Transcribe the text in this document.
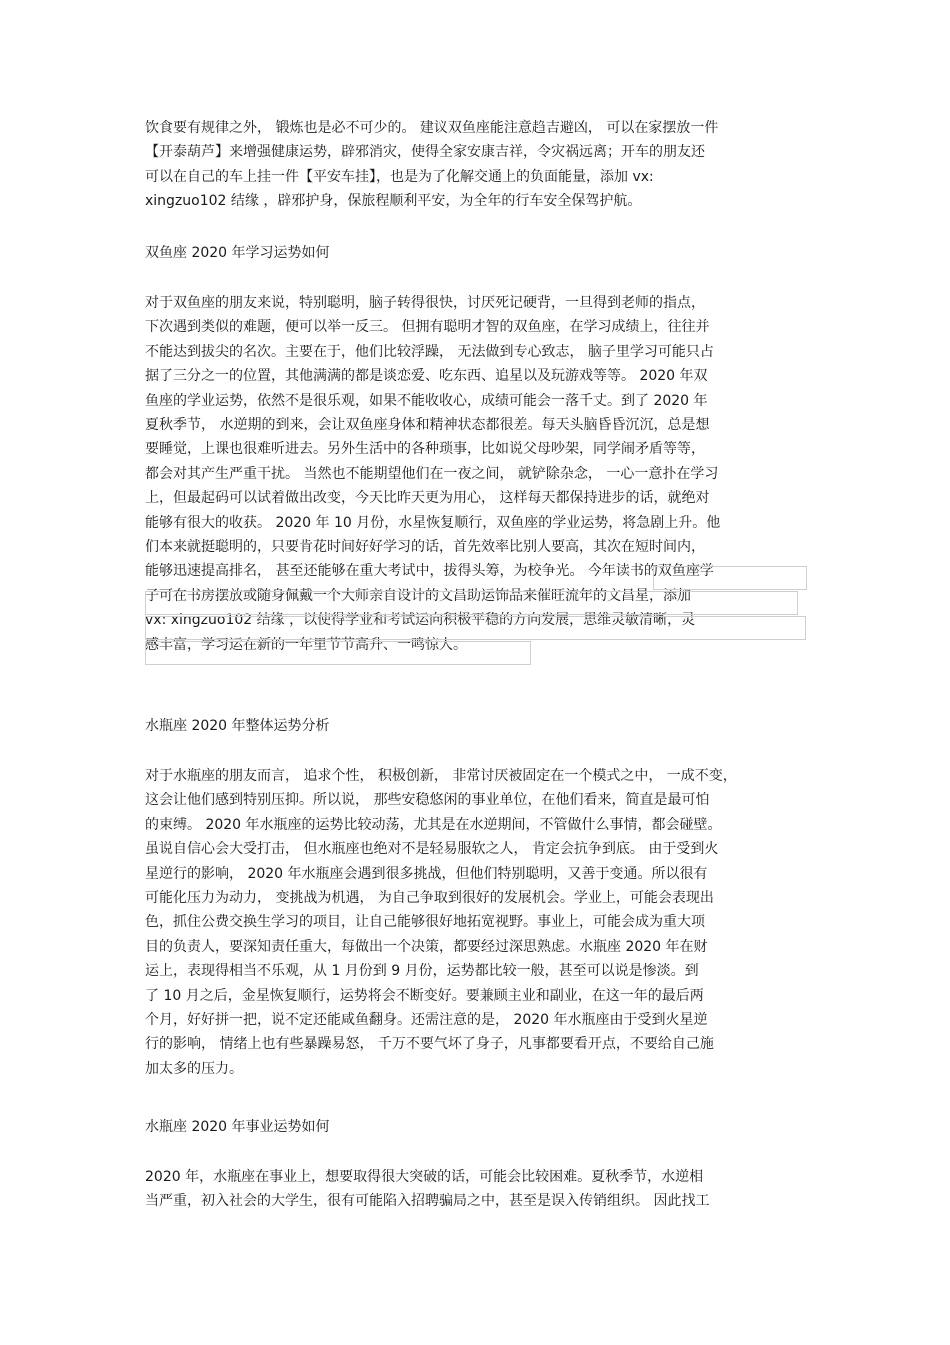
饮食要有规律之外， 锻炼也是必不可少的。 建议双鱼座能注意趋吉避凶， 可以在家摆放一件
【开泰葫芦】来增强健康运势，辟邪消灾，使得全家安康吉祥，令灾祸远离；开车的朋友还
可以在自己的车上挂一件【平安车挂】，也是为了化解交通上的负面能量，添加 vx:
xingzuo102 结缘 ，辟邪护身，保旅程顺利平安，为全年的行车安全保驾护航。
双鱼座 2020 年学习运势如何
对于双鱼座的朋友来说，特别聪明，脑子转得很快，讨厌死记硬背，一旦得到老师的指点，
下次遇到类似的难题，便可以举一反三。 但拥有聪明才智的双鱼座，在学习成绩上，往往并
不能达到拔尖的名次。主要在于，他们比较浮躁， 无法做到专心致志， 脑子里学习可能只占
据了三分之一的位置，其他满满的都是谈恋爱、吃东西、追星以及玩游戏等等。 2020 年双
鱼座的学业运势，依然不是很乐观，如果不能收收心，成绩可能会一落千丈。到了 2020 年
夏秋季节， 水逆期的到来，会让双鱼座身体和精神状态都很差。每天头脑昏昏沉沉，总是想
要睡觉，上课也很难听进去。另外生活中的各种琐事，比如说父母吵架，同学闹矛盾等等，
都会对其产生严重干扰。 当然也不能期望他们在一夜之间， 就铲除杂念， 一心一意扑在学习
上，但最起码可以试着做出改变，今天比昨天更为用心， 这样每天都保持进步的话，就绝对
能够有很大的收获。 2020 年 10 月份，水星恢复顺行，双鱼座的学业运势，将急剧上升。他
们本来就挺聪明的，只要肯花时间好好学习的话，首先效率比别人要高，其次在短时间内，
能够迅速提高排名， 甚至还能够在重大考试中，拔得头筹，为校争光。 今年读书的双鱼座学
子可在书房摆放或随身佩戴一个大师亲自设计的文昌助运饰品来催旺流年的文昌星，添加
vx: xingzuo102 结缘 ，以使得学业和考试运向积极平稳的方向发展，思维灵敏清晰，灵
感丰富，学习运在新的一年里节节高升、一鸣惊人。
水瓶座 2020 年整体运势分析
对于水瓶座的朋友而言， 追求个性， 积极创新， 非常讨厌被固定在一个模式之中， 一成不变，
这会让他们感到特别压抑。所以说， 那些安稳悠闲的事业单位，在他们看来，简直是最可怕
的束缚。 2020 年水瓶座的运势比较动荡，尤其是在水逆期间，不管做什么事情，都会碰壁。
虽说自信心会大受打击， 但水瓶座也绝对不是轻易服软之人， 肯定会抗争到底。 由于受到火
星逆行的影响， 2020 年水瓶座会遇到很多挑战，但他们特别聪明，又善于变通。所以很有
可能化压力为动力， 变挑战为机遇， 为自己争取到很好的发展机会。学业上，可能会表现出
色，抓住公费交换生学习的项目，让自己能够很好地拓宽视野。事业上，可能会成为重大项
目的负责人，要深知责任重大，每做出一个决策，都要经过深思熟虑。水瓶座 2020 年在财
运上，表现得相当不乐观，从 1 月份到 9 月份，运势都比较一般，甚至可以说是惨淡。到
了 10 月之后，金星恢复顺行，运势将会不断变好。要兼顾主业和副业，在这一年的最后两
个月，好好拼一把，说不定还能咸鱼翻身。还需注意的是， 2020 年水瓶座由于受到火星逆
行的影响， 情绪上也有些暴躁易怒， 千万不要气坏了身子，凡事都要看开点，不要给自己施
加太多的压力。
水瓶座 2020 年事业运势如何
2020 年，水瓶座在事业上，想要取得很大突破的话，可能会比较困难。夏秋季节，水逆相
当严重，初入社会的大学生，很有可能陷入招聘骗局之中，甚至是误入传销组织。 因此找工
